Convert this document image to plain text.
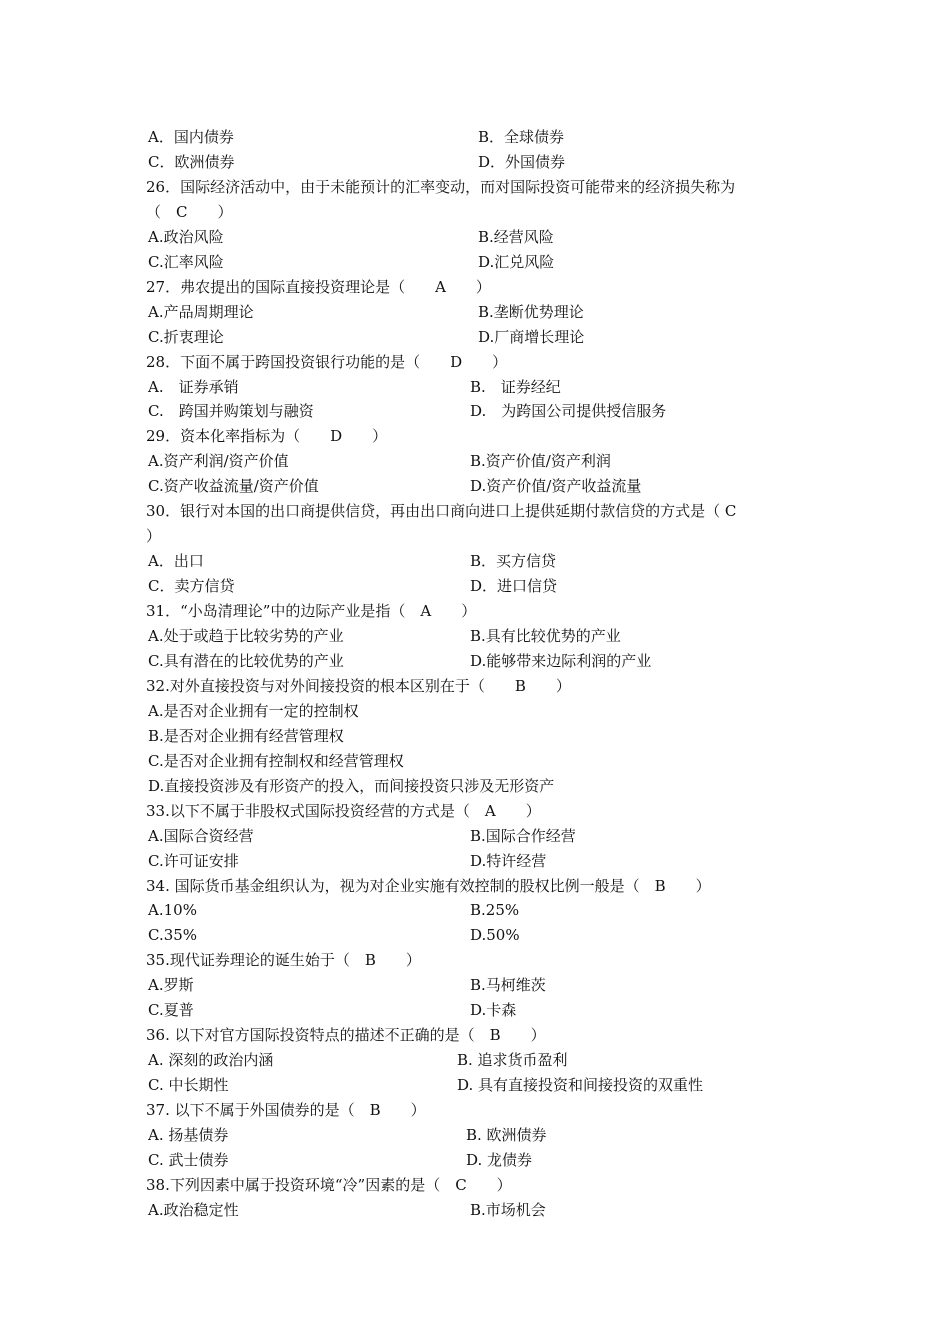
A．国内债券	B．全球债券
C．欧洲债券	D．外国债券
26．国际经济活动中，由于未能预计的汇率变动，而对国际投资可能带来的经济损失称为
（　C　　）
A.政治风险	B.经营风险
C.汇率风险	D.汇兑风险
27．弗农提出的国际直接投资理论是（　　A　　）
A.产品周期理论	B.垄断优势理论
C.折衷理论	D.厂商增长理论
28．下面不属于跨国投资银行功能的是（　　D　　）
A.　证券承销	B.　证券经纪
C.　跨国并购策划与融资	D.　为跨国公司提供授信服务
29．资本化率指标为（　　D　　）
A.资产利润/资产价值	B.资产价值/资产利润
C.资产收益流量/资产价值	D.资产价值/资产收益流量
30．银行对本国的出口商提供信贷，再由出口商向进口上提供延期付款信贷的方式是（ C
）
A．出口	B．买方信贷
C．卖方信贷	D．进口信贷
31．“小岛清理论”中的边际产业是指（　A　　）
A.处于或趋于比较劣势的产业	B.具有比较优势的产业
C.具有潜在的比较优势的产业	D.能够带来边际利润的产业
32.对外直接投资与对外间接投资的根本区别在于（　　B　　）
A.是否对企业拥有一定的控制权
B.是否对企业拥有经营管理权
C.是否对企业拥有控制权和经营管理权
D.直接投资涉及有形资产的投入，而间接投资只涉及无形资产
33.以下不属于非股权式国际投资经营的方式是（　A　　）
A.国际合资经营	B.国际合作经营
C.许可证安排	D.特许经营
34. 国际货币基金组织认为，视为对企业实施有效控制的股权比例一般是（　B　　）
A.10%	B.25%
C.35%	D.50%
35.现代证券理论的诞生始于（　B　　）
A.罗斯	B.马柯维茨
C.夏普	D.卡森
36. 以下对官方国际投资特点的描述不正确的是（　B　　）
A. 深刻的政治内涵	B. 追求货币盈利
C. 中长期性	D. 具有直接投资和间接投资的双重性
37. 以下不属于外国债券的是（　B　　）
A. 扬基债券	B. 欧洲债券
C. 武士债券	D. 龙债券
38.下列因素中属于投资环境“冷”因素的是（　C　　）
A.政治稳定性	B.市场机会
